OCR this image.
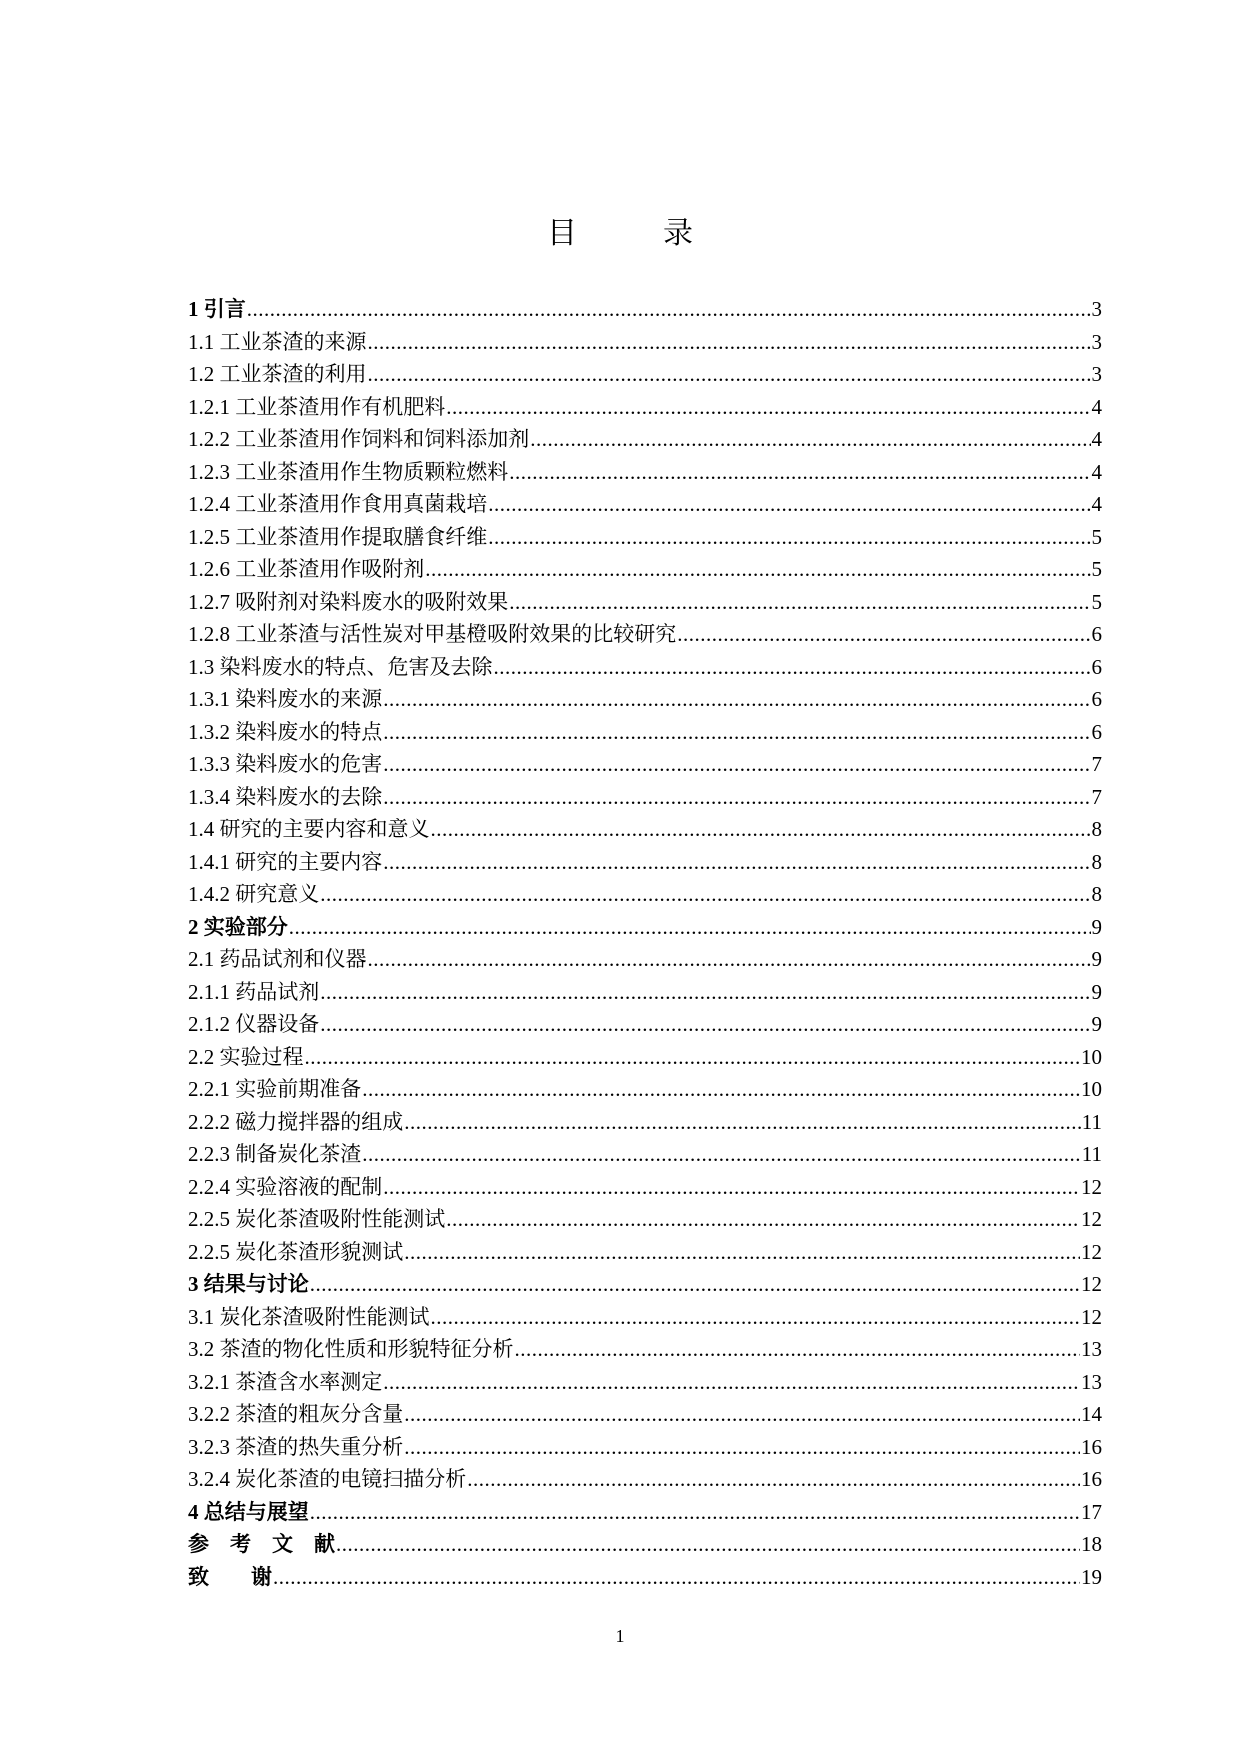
目　录
1 引言
.....	3
1.1 工业茶渣的来源
.....	3
1.2 工业茶渣的利用
.....	3
1.2.1 工业茶渣用作有机肥料
.....	4
1.2.2 工业茶渣用作饲料和饲料添加剂
.....	4
1.2.3 工业茶渣用作生物质颗粒燃料
.....	4
1.2.4 工业茶渣用作食用真菌栽培
.....	4
1.2.5 工业茶渣用作提取膳食纤维
.....	5
1.2.6 工业茶渣用作吸附剂
.....	5
1.2.7 吸附剂对染料废水的吸附效果
.....	5
1.2.8 工业茶渣与活性炭对甲基橙吸附效果的比较研究
.....	6
1.3 染料废水的特点、危害及去除
.....	6
1.3.1 染料废水的来源
.....	6
1.3.2 染料废水的特点
.....	6
1.3.3 染料废水的危害
.....	7
1.3.4 染料废水的去除
.....	7
1.4 研究的主要内容和意义
.....	8
1.4.1 研究的主要内容
.....	8
1.4.2 研究意义
.....	8
2 实验部分
.....	9
2.1 药品试剂和仪器
.....	9
2.1.1 药品试剂
.....	9
2.1.2 仪器设备
.....	9
2.2 实验过程
.....	10
2.2.1 实验前期准备
.....	10
2.2.2 磁力搅拌器的组成
.....	11
2.2.3 制备炭化茶渣
.....	11
2.2.4 实验溶液的配制
.....	12
2.2.5 炭化茶渣吸附性能测试
.....	12
2.2.5 炭化茶渣形貌测试
.....	12
3 结果与讨论
.....	12
3.1 炭化茶渣吸附性能测试
.....	12
3.2 茶渣的物化性质和形貌特征分析
.....	13
3.2.1 茶渣含水率测定
.....	13
3.2.2 茶渣的粗灰分含量
.....	14
3.2.3 茶渣的热失重分析
.....	16
3.2.4 炭化茶渣的电镜扫描分析
.....	16
4 总结与展望
.....	17
参　考　文　献
.....	18
致　　谢
.....	19
1
